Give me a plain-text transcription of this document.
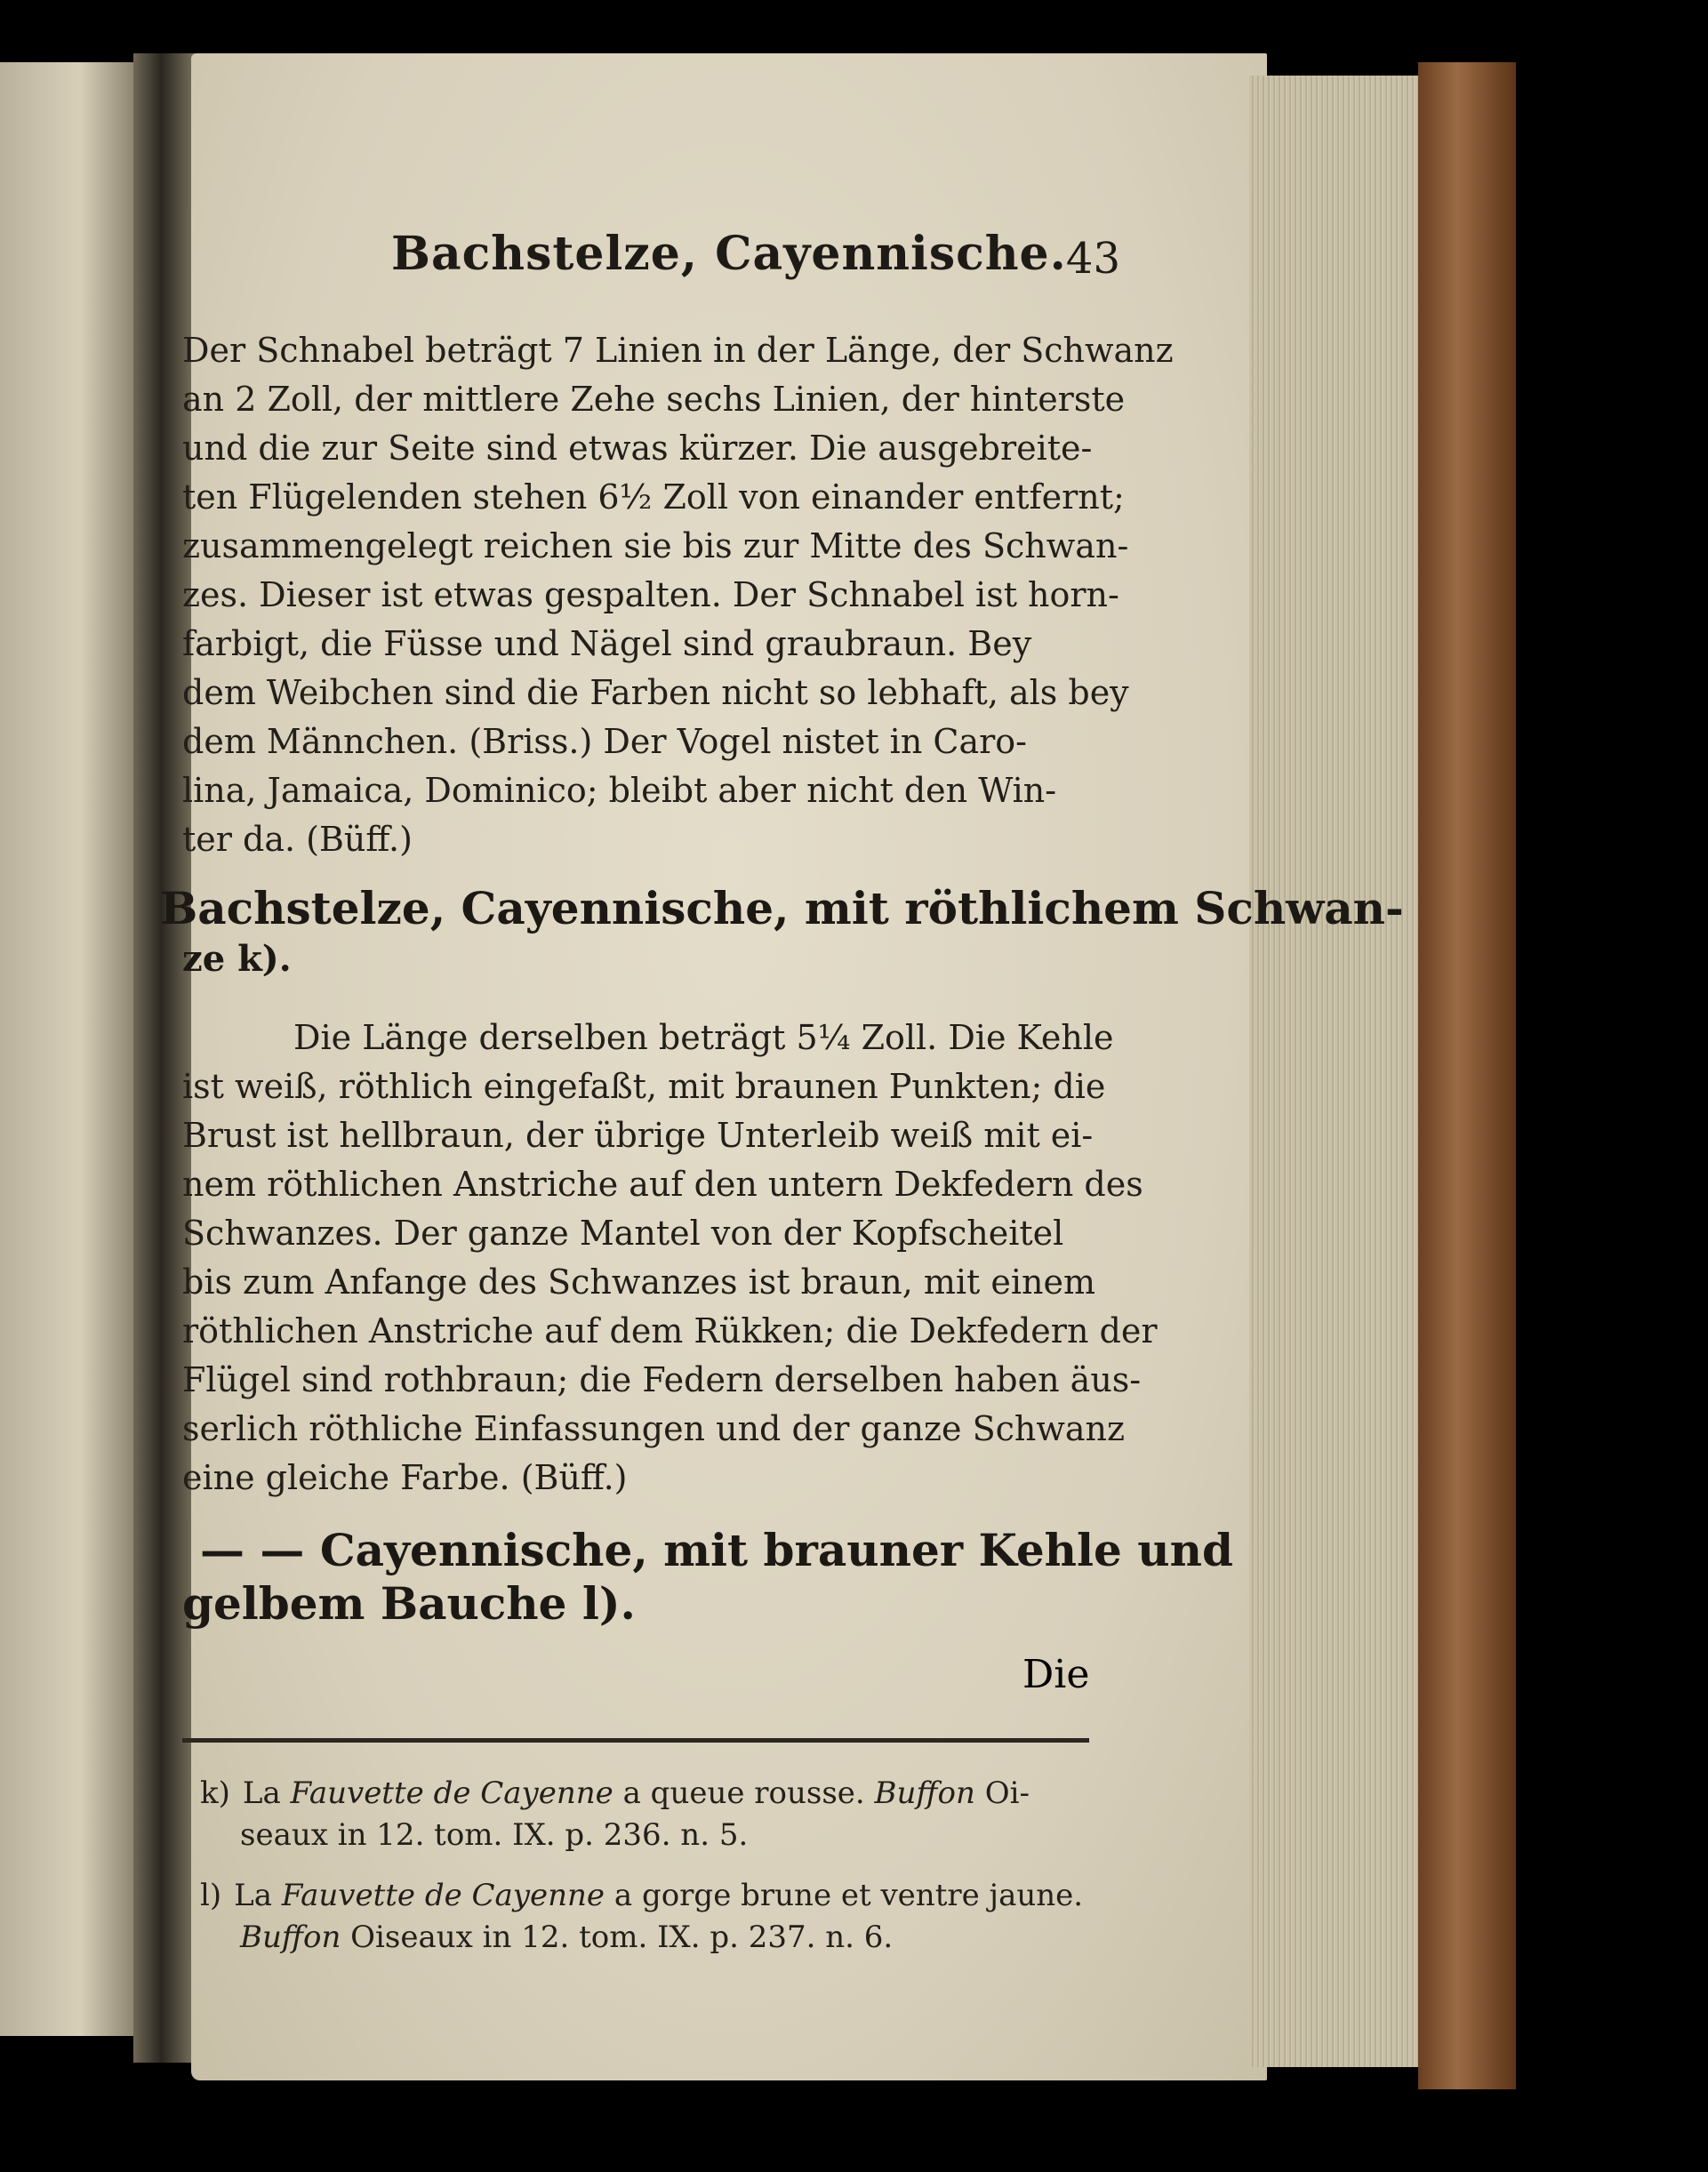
Bachstelze, Cayennische. 43
Der Schnabel beträgt 7 Linien in der Länge, der Schwanz
an 2 Zoll, der mittlere Zehe sechs Linien, der hinterste
und die zur Seite sind etwas kürzer. Die ausgebreite-
ten Flügelenden stehen 6½ Zoll von einander entfernt;
zusammengelegt reichen sie bis zur Mitte des Schwan-
zes. Dieser ist etwas gespalten. Der Schnabel ist horn-
farbigt, die Füsse und Nägel sind graubraun. Bey
dem Weibchen sind die Farben nicht so lebhaft, als bey
dem Männchen. (Briss.) Der Vogel nistet in Caro-
lina, Jamaica, Dominico; bleibt aber nicht den Win-
ter da. (Büff.)
Bachstelze, Cayennische, mit röthlichem Schwan-
ze k).
Die Länge derselben beträgt 5¼ Zoll. Die Kehle
ist weiß, röthlich eingefaßt, mit braunen Punkten; die
Brust ist hellbraun, der übrige Unterleib weiß mit ei-
nem röthlichen Anstriche auf den untern Dekfedern des
Schwanzes. Der ganze Mantel von der Kopfscheitel
bis zum Anfange des Schwanzes ist braun, mit einem
röthlichen Anstriche auf dem Rükken; die Dekfedern der
Flügel sind rothbraun; die Federn derselben haben äus-
serlich röthliche Einfassungen und der ganze Schwanz
eine gleiche Farbe. (Büff.)
— — Cayennische, mit brauner Kehle und
gelbem Bauche l).
Die
k) La Fauvette de Cayenne a queue rousse. Buffon Oi-
seaux in 12. tom. IX. p. 236. n. 5.
l) La Fauvette de Cayenne a gorge brune et ventre jaune.
Buffon Oiseaux in 12. tom. IX. p. 237. n. 6.
